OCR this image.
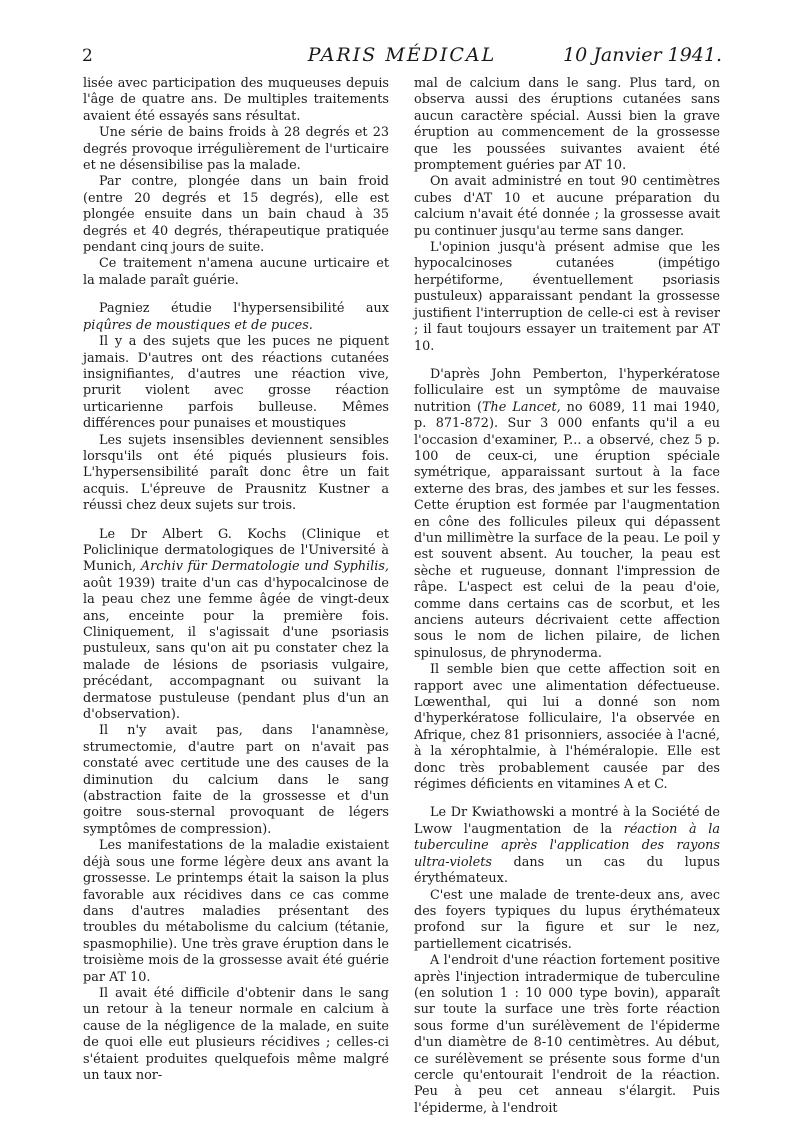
2	PARIS MÉDICAL	10 Janvier 1941.

lisée avec participation des muqueuses depuis l'âge de quatre ans. De multiples traitements avaient été essayés sans résultat.

Une série de bains froids à 28 degrés et 23 degrés provoque irrégulièrement de l'urticaire et ne désensibilise pas la malade.

Par contre, plongée dans un bain froid (entre 20 degrés et 15 degrés), elle est plongée ensuite dans un bain chaud à 35 degrés et 40 degrés, thérapeutique pratiquée pendant cinq jours de suite.

Ce traitement n'amena aucune urticaire et la malade paraît guérie.

Pagniez étudie l'hypersensibilité aux piqûres de moustiques et de puces.

Il y a des sujets que les puces ne piquent jamais. D'autres ont des réactions cutanées insignifiantes, d'autres une réaction vive, prurit violent avec grosse réaction urticarienne parfois bulleuse. Mêmes différences pour punaises et moustiques

Les sujets insensibles deviennent sensibles lorsqu'ils ont été piqués plusieurs fois. L'hypersensibilité paraît donc être un fait acquis. L'épreuve de Prausnitz Kustner a réussi chez deux sujets sur trois.

Le Dr Albert G. Kochs (Clinique et Policlinique dermatologiques de l'Université à Munich, Archiv für Dermatologie und Syphilis, août 1939) traite d'un cas d'hypocalcinose de la peau chez une femme âgée de vingt-deux ans, enceinte pour la première fois. Cliniquement, il s'agissait d'une psoriasis pustuleux, sans qu'on ait pu constater chez la malade de lésions de psoriasis vulgaire, précédant, accompagnant ou suivant la dermatose pustuleuse (pendant plus d'un an d'observation).

Il n'y avait pas, dans l'anamnèse, strumectomie, d'autre part on n'avait pas constaté avec certitude une des causes de la diminution du calcium dans le sang (abstraction faite de la grossesse et d'un goitre sous-sternal provoquant de légers symptômes de compression).

Les manifestations de la maladie existaient déjà sous une forme légère deux ans avant la grossesse. Le printemps était la saison la plus favorable aux récidives dans ce cas comme dans d'autres maladies présentant des troubles du métabolisme du calcium (tétanie, spasmophilie). Une très grave éruption dans le troisième mois de la grossesse avait été guérie par AT 10.

Il avait été difficile d'obtenir dans le sang un retour à la teneur normale en calcium à cause de la négligence de la malade, en suite de quoi elle eut plusieurs récidives ; celles-ci s'étaient produites quelquefois même malgré un taux nor-

mal de calcium dans le sang. Plus tard, on observa aussi des éruptions cutanées sans aucun caractère spécial. Aussi bien la grave éruption au commencement de la grossesse que les poussées suivantes avaient été promptement guéries par AT 10.

On avait administré en tout 90 centimètres cubes d'AT 10 et aucune préparation du calcium n'avait été donnée ; la grossesse avait pu continuer jusqu'au terme sans danger.

L'opinion jusqu'à présent admise que les hypocalcinoses cutanées (impétigo herpétiforme, éventuellement psoriasis pustuleux) apparaissant pendant la grossesse justifient l'interruption de celle-ci est à reviser ; il faut toujours essayer un traitement par AT 10.

D'après John Pemberton, l'hyperkératose folliculaire est un symptôme de mauvaise nutrition (The Lancet, no 6089, 11 mai 1940, p. 871-872). Sur 3 000 enfants qu'il a eu l'occasion d'examiner, P... a observé, chez 5 p. 100 de ceux-ci, une éruption spéciale symétrique, apparaissant surtout à la face externe des bras, des jambes et sur les fesses. Cette éruption est formée par l'augmentation en cône des follicules pileux qui dépassent d'un millimètre la surface de la peau. Le poil y est souvent absent. Au toucher, la peau est sèche et rugueuse, donnant l'impression de râpe. L'aspect est celui de la peau d'oie, comme dans certains cas de scorbut, et les anciens auteurs décrivaient cette affection sous le nom de lichen pilaire, de lichen spinulosus, de phrynoderma.

Il semble bien que cette affection soit en rapport avec une alimentation défectueuse. Lœwenthal, qui lui a donné son nom d'hyperkératose folliculaire, l'a observée en Afrique, chez 81 prisonniers, associée à l'acné, à la xérophtalmie, à l'héméralopie. Elle est donc très probablement causée par des régimes déficients en vitamines A et C.

Le Dr Kwiathowski a montré à la Société de Lwow l'augmentation de la réaction à la tuberculine après l'application des rayons ultra-violets dans un cas du lupus érythémateux.

C'est une malade de trente-deux ans, avec des foyers typiques du lupus érythémateux profond sur la figure et sur le nez, partiellement cicatrisés.

A l'endroit d'une réaction fortement positive après l'injection intradermique de tuberculine (en solution 1 : 10 000 type bovin), apparaît sur toute la surface une très forte réaction sous forme d'un surélèvement de l'épiderme d'un diamètre de 8-10 centimètres. Au début, ce surélèvement se présente sous forme d'un cercle qu'entourait l'endroit de la réaction. Peu à peu cet anneau s'élargit. Puis l'épiderme, à l'endroit
